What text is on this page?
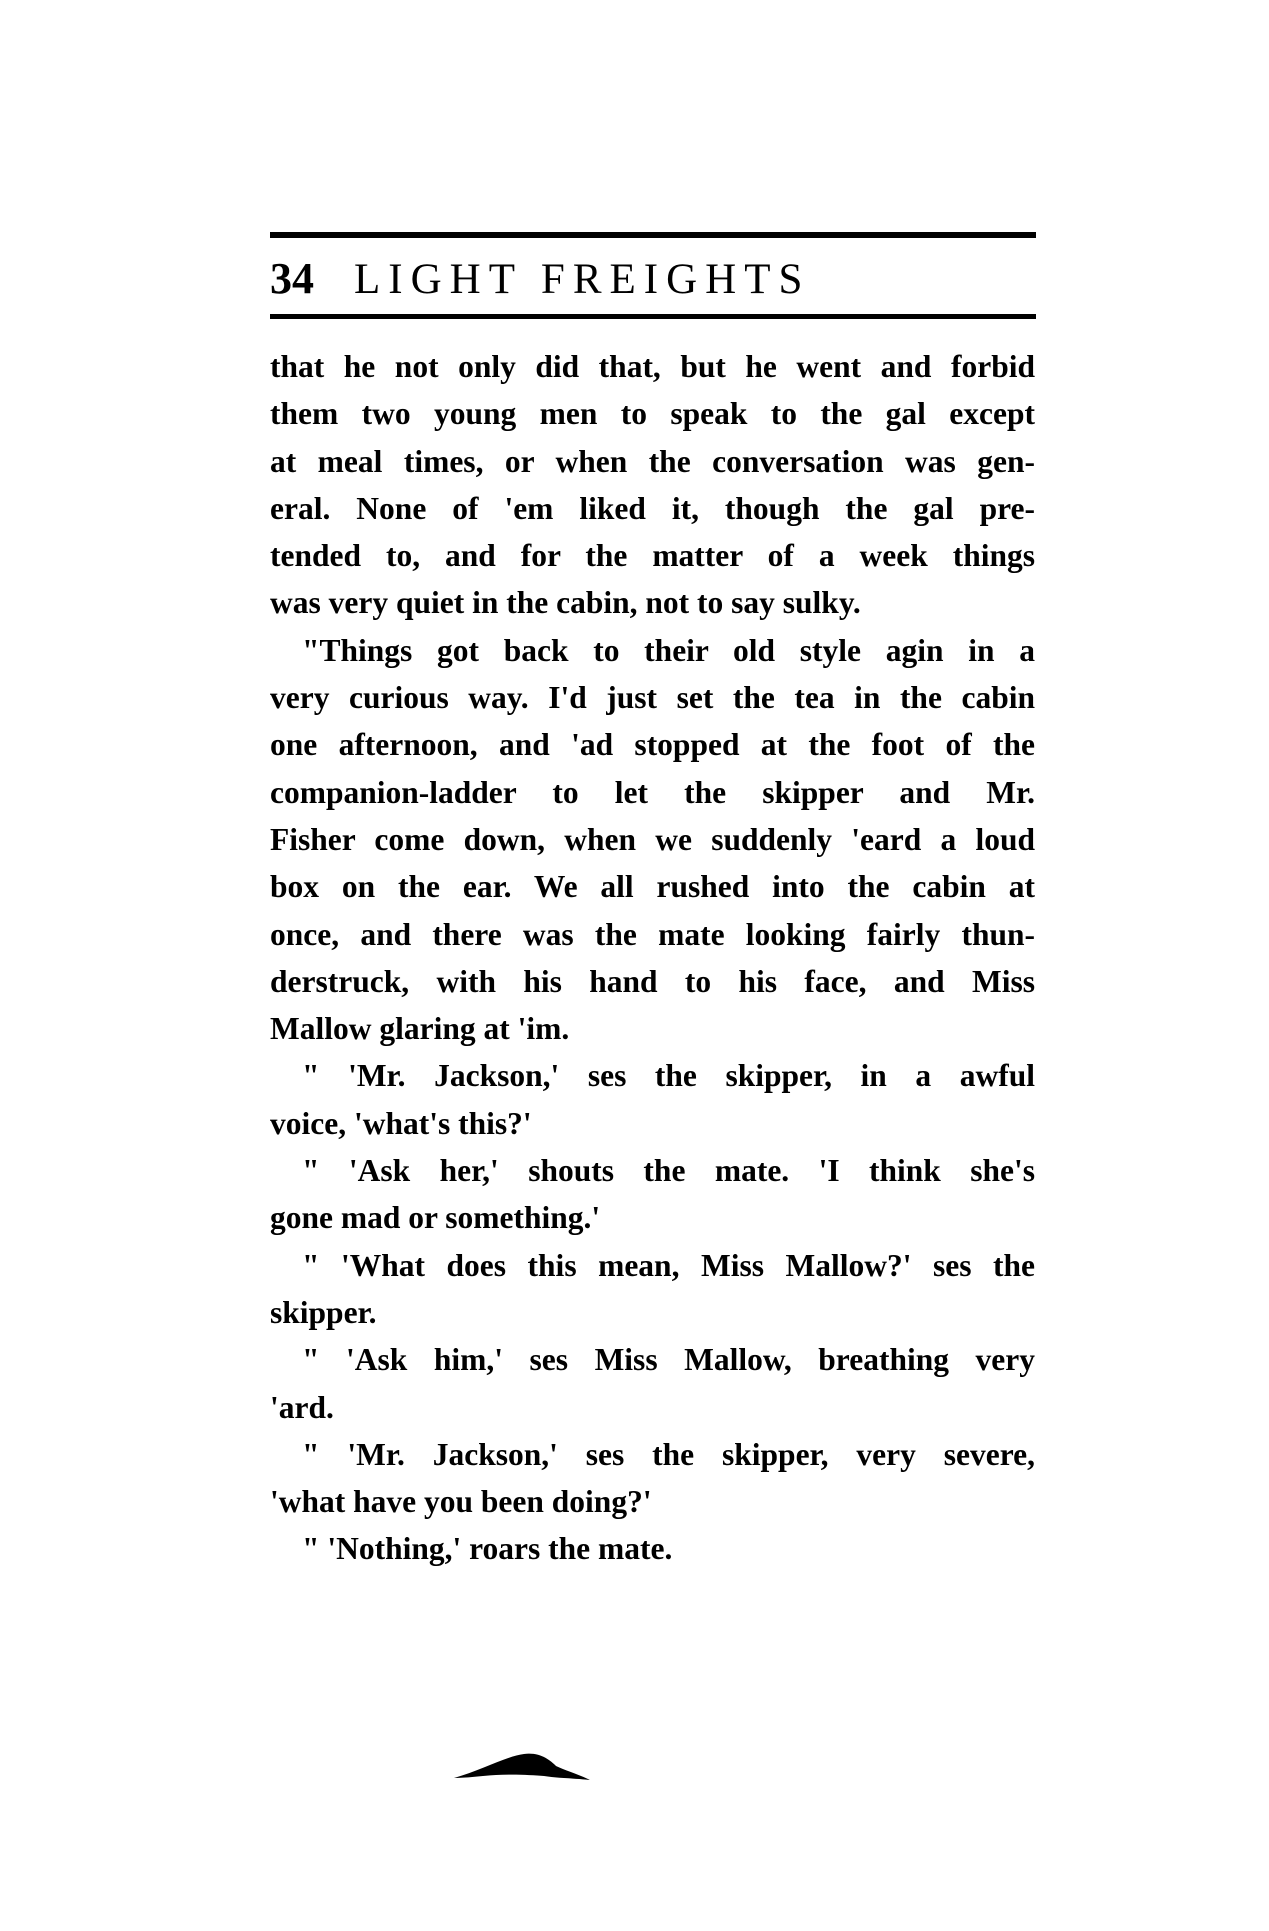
34 LIGHT FREIGHTS
that he not only did that, but he went and forbid
them two young men to speak to the gal except
at meal times, or when the conversation was gen-
eral. None of 'em liked it, though the gal pre-
tended to, and for the matter of a week things
was very quiet in the cabin, not to say sulky.
"Things got back to their old style agin in a
very curious way. I'd just set the tea in the cabin
one afternoon, and 'ad stopped at the foot of the
companion-ladder to let the skipper and Mr.
Fisher come down, when we suddenly 'eard a loud
box on the ear. We all rushed into the cabin at
once, and there was the mate looking fairly thun-
derstruck, with his hand to his face, and Miss
Mallow glaring at 'im.
" 'Mr. Jackson,' ses the skipper, in a awful
voice, 'what's this?'
" 'Ask her,' shouts the mate. 'I think she's
gone mad or something.'
" 'What does this mean, Miss Mallow?' ses the
skipper.
" 'Ask him,' ses Miss Mallow, breathing very
'ard.
" 'Mr. Jackson,' ses the skipper, very severe,
'what have you been doing?'
" 'Nothing,' roars the mate.
